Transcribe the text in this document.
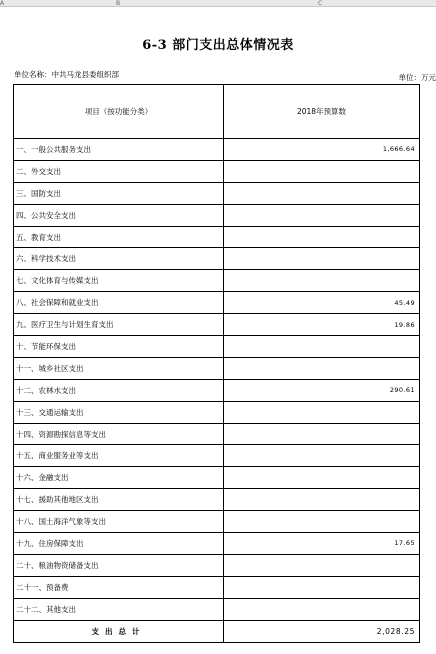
A	B	C
6-3 部门支出总体情况表
单位名称：中共马龙县委组织部	单位：万元
项目（按功能分类）	2018年预算数
一、一般公共服务支出	1,666.64
二、外交支出	
三、国防支出	
四、公共安全支出	
五、教育支出	
六、科学技术支出	
七、文化体育与传媒支出	
八、社会保障和就业支出	45.49
九、医疗卫生与计划生育支出	19.86
十、节能环保支出	
十一、城乡社区支出	
十二、农林水支出	290.61
十三、交通运输支出	
十四、资源勘探信息等支出	
十五、商业服务业等支出	
十六、金融支出	
十七、援助其他地区支出	
十八、国土海洋气象等支出	
十九、住房保障支出	17.65
二十、粮油物资储备支出	
二十一、预备费	
二十二、其他支出	
支出总计	2,028.25
